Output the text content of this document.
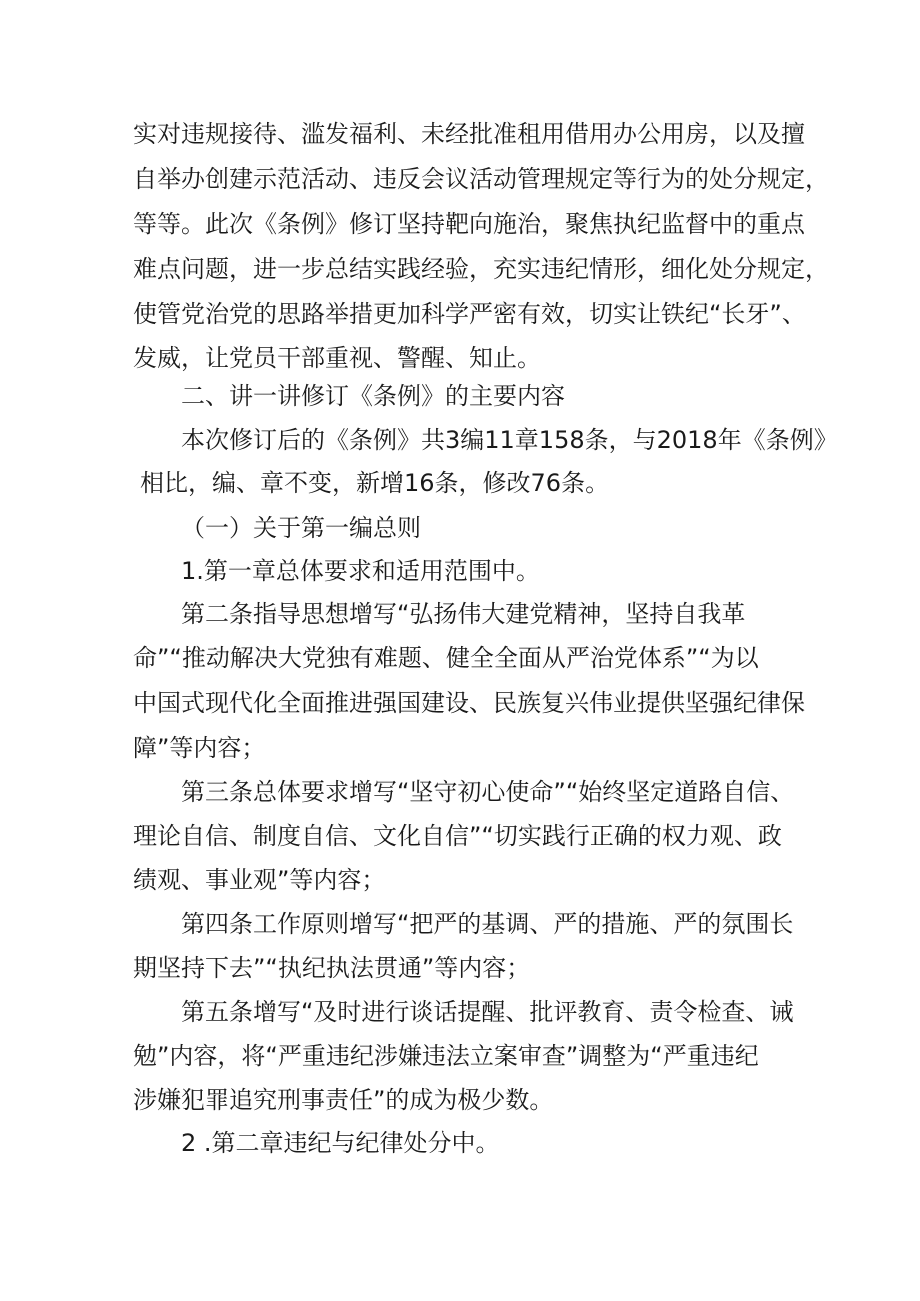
实对违规接待、滥发福利、未经批准租用借用办公用房，以及擅
自举办创建示范活动、违反会议活动管理规定等行为的处分规定，
等等。此次《条例》修订坚持靶向施治，聚焦执纪监督中的重点
难点问题，进一步总结实践经验，充实违纪情形，细化处分规定，
使管党治党的思路举措更加科学严密有效，切实让铁纪“长牙”、
发威，让党员干部重视、警醒、知止。
二、讲一讲修订《条例》的主要内容
本次修订后的《条例》共3编11章158条，与2018年《条例》
相比，编、章不变，新增16条，修改76条。
（一）关于第一编总则
1.第一章总体要求和适用范围中。
第二条指导思想增写“弘扬伟大建党精神，坚持自我革
命”“推动解决大党独有难题、健全全面从严治党体系”“为以
中国式现代化全面推进强国建设、民族复兴伟业提供坚强纪律保
障”等内容；
第三条总体要求增写“坚守初心使命”“始终坚定道路自信、
理论自信、制度自信、文化自信”“切实践行正确的权力观、政
绩观、事业观”等内容；
第四条工作原则增写“把严的基调、严的措施、严的氛围长
期坚持下去”“执纪执法贯通”等内容；
第五条增写“及时进行谈话提醒、批评教育、责令检查、诫
勉”内容，将“严重违纪涉嫌违法立案审查”调整为“严重违纪
涉嫌犯罪追究刑事责任”的成为极少数。
2 .第二章违纪与纪律处分中。
